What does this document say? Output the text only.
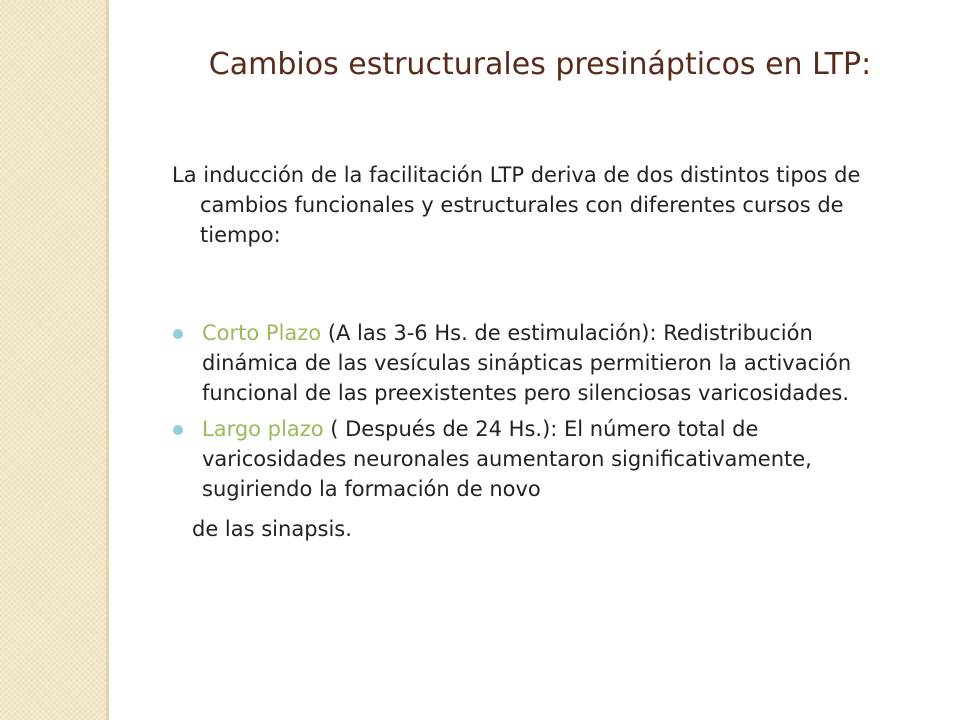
Cambios estructurales presinápticos en LTP:

La inducción de la facilitación LTP deriva de dos distintos tipos de cambios funcionales y estructurales con diferentes cursos de tiempo:

Corto Plazo (A las 3-6 Hs. de estimulación): Redistribución dinámica de las vesículas sinápticas permitieron la activación funcional de las preexistentes pero silenciosas varicosidades.

Largo plazo ( Después de 24 Hs.): El número total de varicosidades neuronales aumentaron significativamente, sugiriendo la formación de novo

de las sinapsis.
